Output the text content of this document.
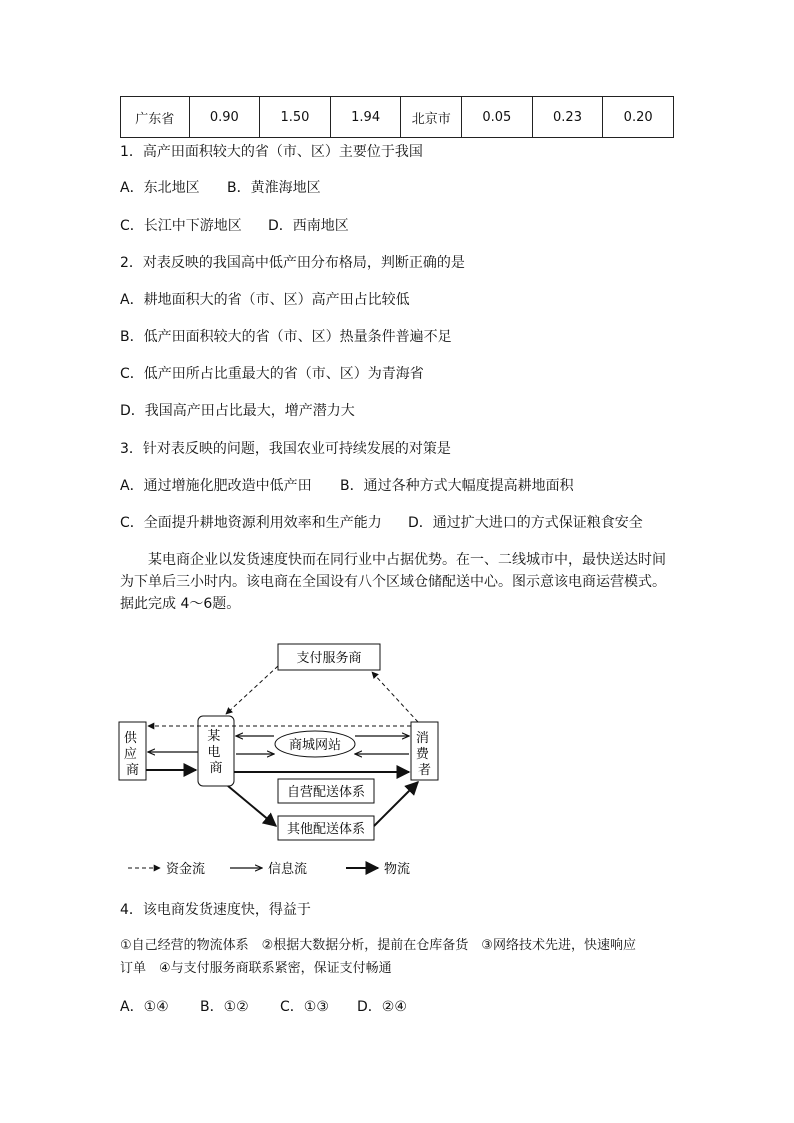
广东省	0.90	1.50	1.94	北京市	0.05	0.23	0.20
1．高产田面积较大的省（市、区）主要位于我国
A．东北地区 B．黄淮海地区
C．长江中下游地区 D．西南地区
2．对表反映的我国高中低产田分布格局，判断正确的是
A．耕地面积大的省（市、区）高产田占比较低
B．低产田面积较大的省（市、区）热量条件普遍不足
C．低产田所占比重最大的省（市、区）为青海省
D．我国高产田占比最大，增产潜力大
3．针对表反映的问题，我国农业可持续发展的对策是
A．通过增施化肥改造中低产田 B．通过各种方式大幅度提高耕地面积
C．全面提升耕地资源利用效率和生产能力 D．通过扩大进口的方式保证粮食安全
某电商企业以发货速度快而在同行业中占据优势。在一、二线城市中，最快送达时间为下单后三小时内。该电商在全国设有八个区域仓储配送中心。图示意该电商运营模式。据此完成 4～6题。
支付服务商
供 应 商
某 电 商
消 费 者
商城网站
自营配送体系
其他配送体系
资金流	信息流	物流
4．该电商发货速度快，得益于
①自己经营的物流体系　②根据大数据分析，提前在仓库备货　③网络技术先进，快速响应
订单　④与支付服务商联系紧密，保证支付畅通
A．①④ B．①② C．①③ D．②④
